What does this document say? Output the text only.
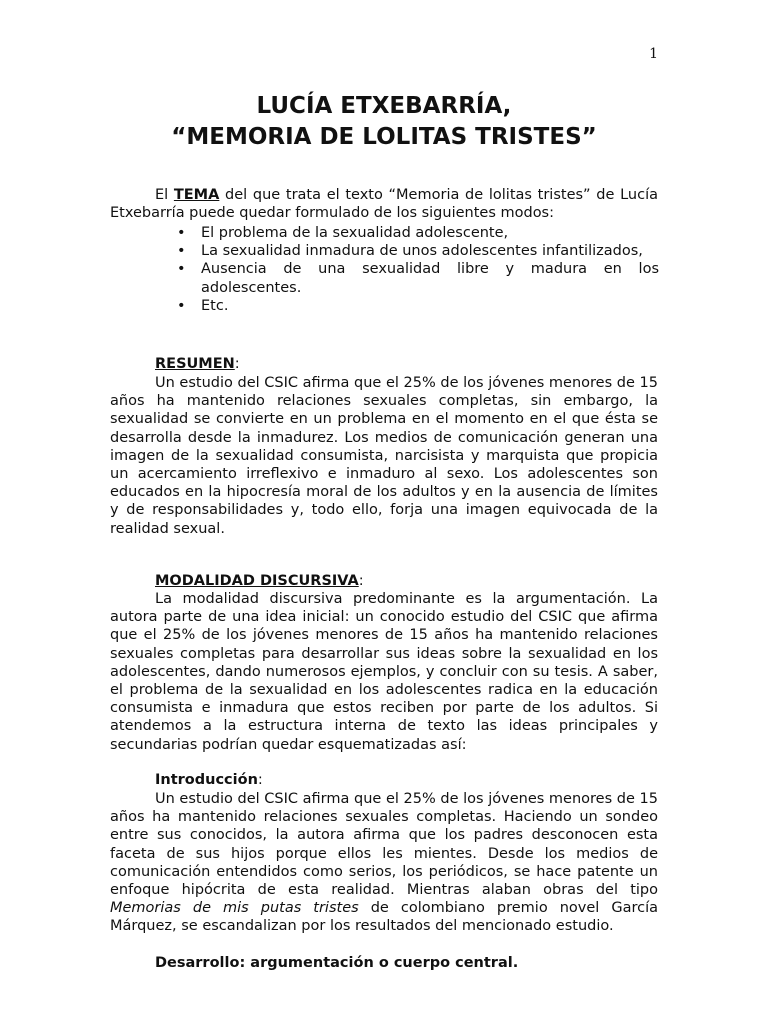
1
LUCÍA ETXEBARRÍA,
“MEMORIA DE LOLITAS TRISTES”
El TEMA del que trata el texto “Memoria de lolitas tristes” de Lucía Etxebarría puede quedar formulado de los siguientes modos:
• El problema de la sexualidad adolescente,
• La sexualidad inmadura de unos adolescentes infantilizados,
• Ausencia de una sexualidad libre y madura en los adolescentes.
• Etc.
RESUMEN:
Un estudio del CSIC afirma que el 25% de los jóvenes menores de 15 años ha mantenido relaciones sexuales completas, sin embargo, la sexualidad se convierte en un problema en el momento en el que ésta se desarrolla desde la inmadurez. Los medios de comunicación generan una imagen de la sexualidad consumista, narcisista y marquista que propicia un acercamiento irreflexivo e inmaduro al sexo. Los adolescentes son educados en la hipocresía moral de los adultos y en la ausencia de límites y de responsabilidades y, todo ello, forja una imagen equivocada de la realidad sexual.
MODALIDAD DISCURSIVA:
La modalidad discursiva predominante es la argumentación. La autora parte de una idea inicial: un conocido estudio del CSIC que afirma que el 25% de los jóvenes menores de 15 años ha mantenido relaciones sexuales completas para desarrollar sus ideas sobre la sexualidad en los adolescentes, dando numerosos ejemplos, y concluir con su tesis. A saber, el problema de la sexualidad en los adolescentes radica en la educación consumista e inmadura que estos reciben por parte de los adultos. Si atendemos a la estructura interna de texto las ideas principales y secundarias podrían quedar esquematizadas así:
Introducción:
Un estudio del CSIC afirma que el 25% de los jóvenes menores de 15 años ha mantenido relaciones sexuales completas. Haciendo un sondeo entre sus conocidos, la autora afirma que los padres desconocen esta faceta de sus hijos porque ellos les mientes. Desde los medios de comunicación entendidos como serios, los periódicos, se hace patente un enfoque hipócrita de esta realidad. Mientras alaban obras del tipo Memorias de mis putas tristes de colombiano premio novel García Márquez, se escandalizan por los resultados del mencionado estudio.
Desarrollo: argumentación o cuerpo central.
